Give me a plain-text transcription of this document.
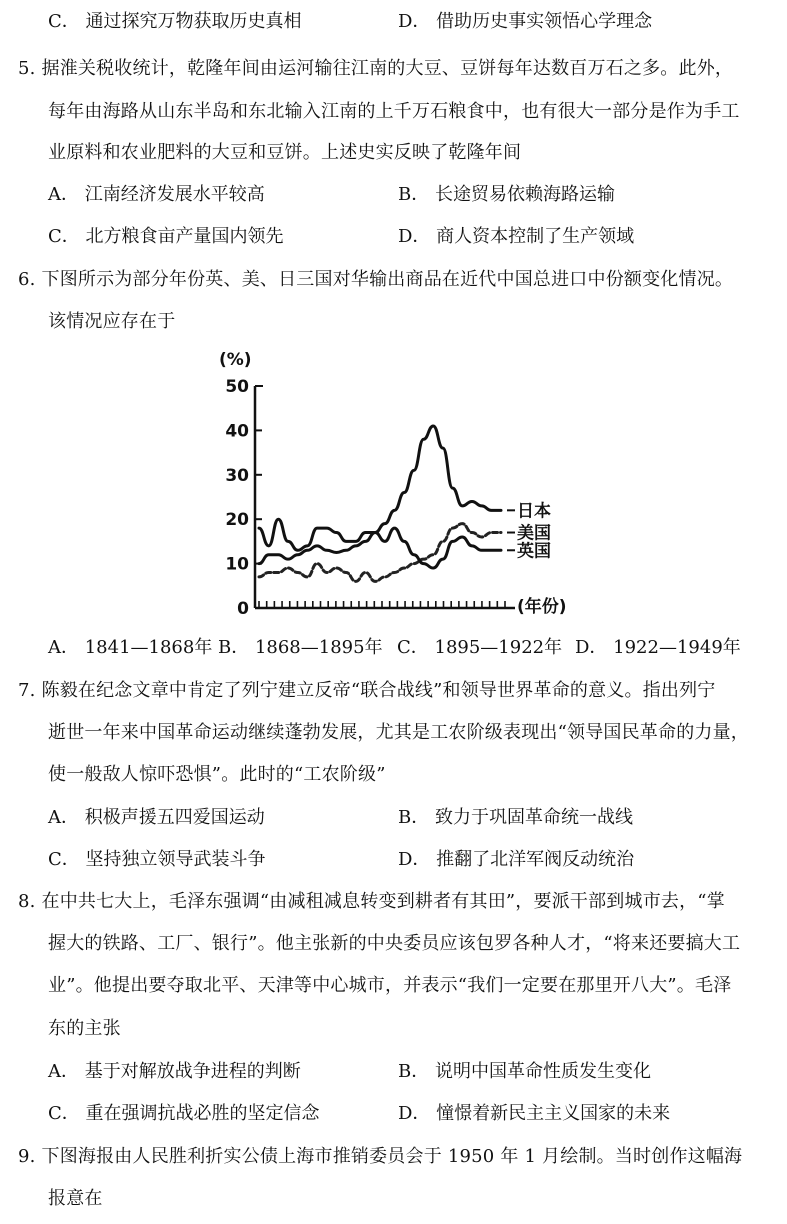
C． 通过探究万物获取历史真相	D． 借助历史事实领悟心学理念
5. 据淮关税收统计，乾隆年间由运河输往江南的大豆、豆饼每年达数百万石之多。此外，
每年由海路从山东半岛和东北输入江南的上千万石粮食中，也有很大一部分是作为手工
业原料和农业肥料的大豆和豆饼。上述史实反映了乾隆年间
A． 江南经济发展水平较高	B． 长途贸易依赖海路运输
C． 北方粮食亩产量国内领先	D． 商人资本控制了生产领域
6. 下图所示为部分年份英、美、日三国对华输出商品在近代中国总进口中份额变化情况。
该情况应存在于
(%)
(年份)
0
10
20
30
40
50
日本
美国
英国
A． 1841—1868年 B． 1868—1895年 C． 1895—1922年 D． 1922—1949年
7. 陈毅在纪念文章中肯定了列宁建立反帝“联合战线”和领导世界革命的意义。指出列宁
逝世一年来中国革命运动继续蓬勃发展，尤其是工农阶级表现出“领导国民革命的力量，
使一般敌人惊吓恐惧”。此时的“工农阶级”
A． 积极声援五四爱国运动	B． 致力于巩固革命统一战线
C． 坚持独立领导武装斗争	D． 推翻了北洋军阀反动统治
8. 在中共七大上，毛泽东强调“由减租减息转变到耕者有其田”，要派干部到城市去，“掌
握大的铁路、工厂、银行”。他主张新的中央委员应该包罗各种人才，“将来还要搞大工
业”。他提出要夺取北平、天津等中心城市，并表示“我们一定要在那里开八大”。毛泽
东的主张
A． 基于对解放战争进程的判断	B． 说明中国革命性质发生变化
C． 重在强调抗战必胜的坚定信念	D． 憧憬着新民主主义国家的未来
9. 下图海报由人民胜利折实公债上海市推销委员会于 1950 年 1 月绘制。当时创作这幅海
报意在
